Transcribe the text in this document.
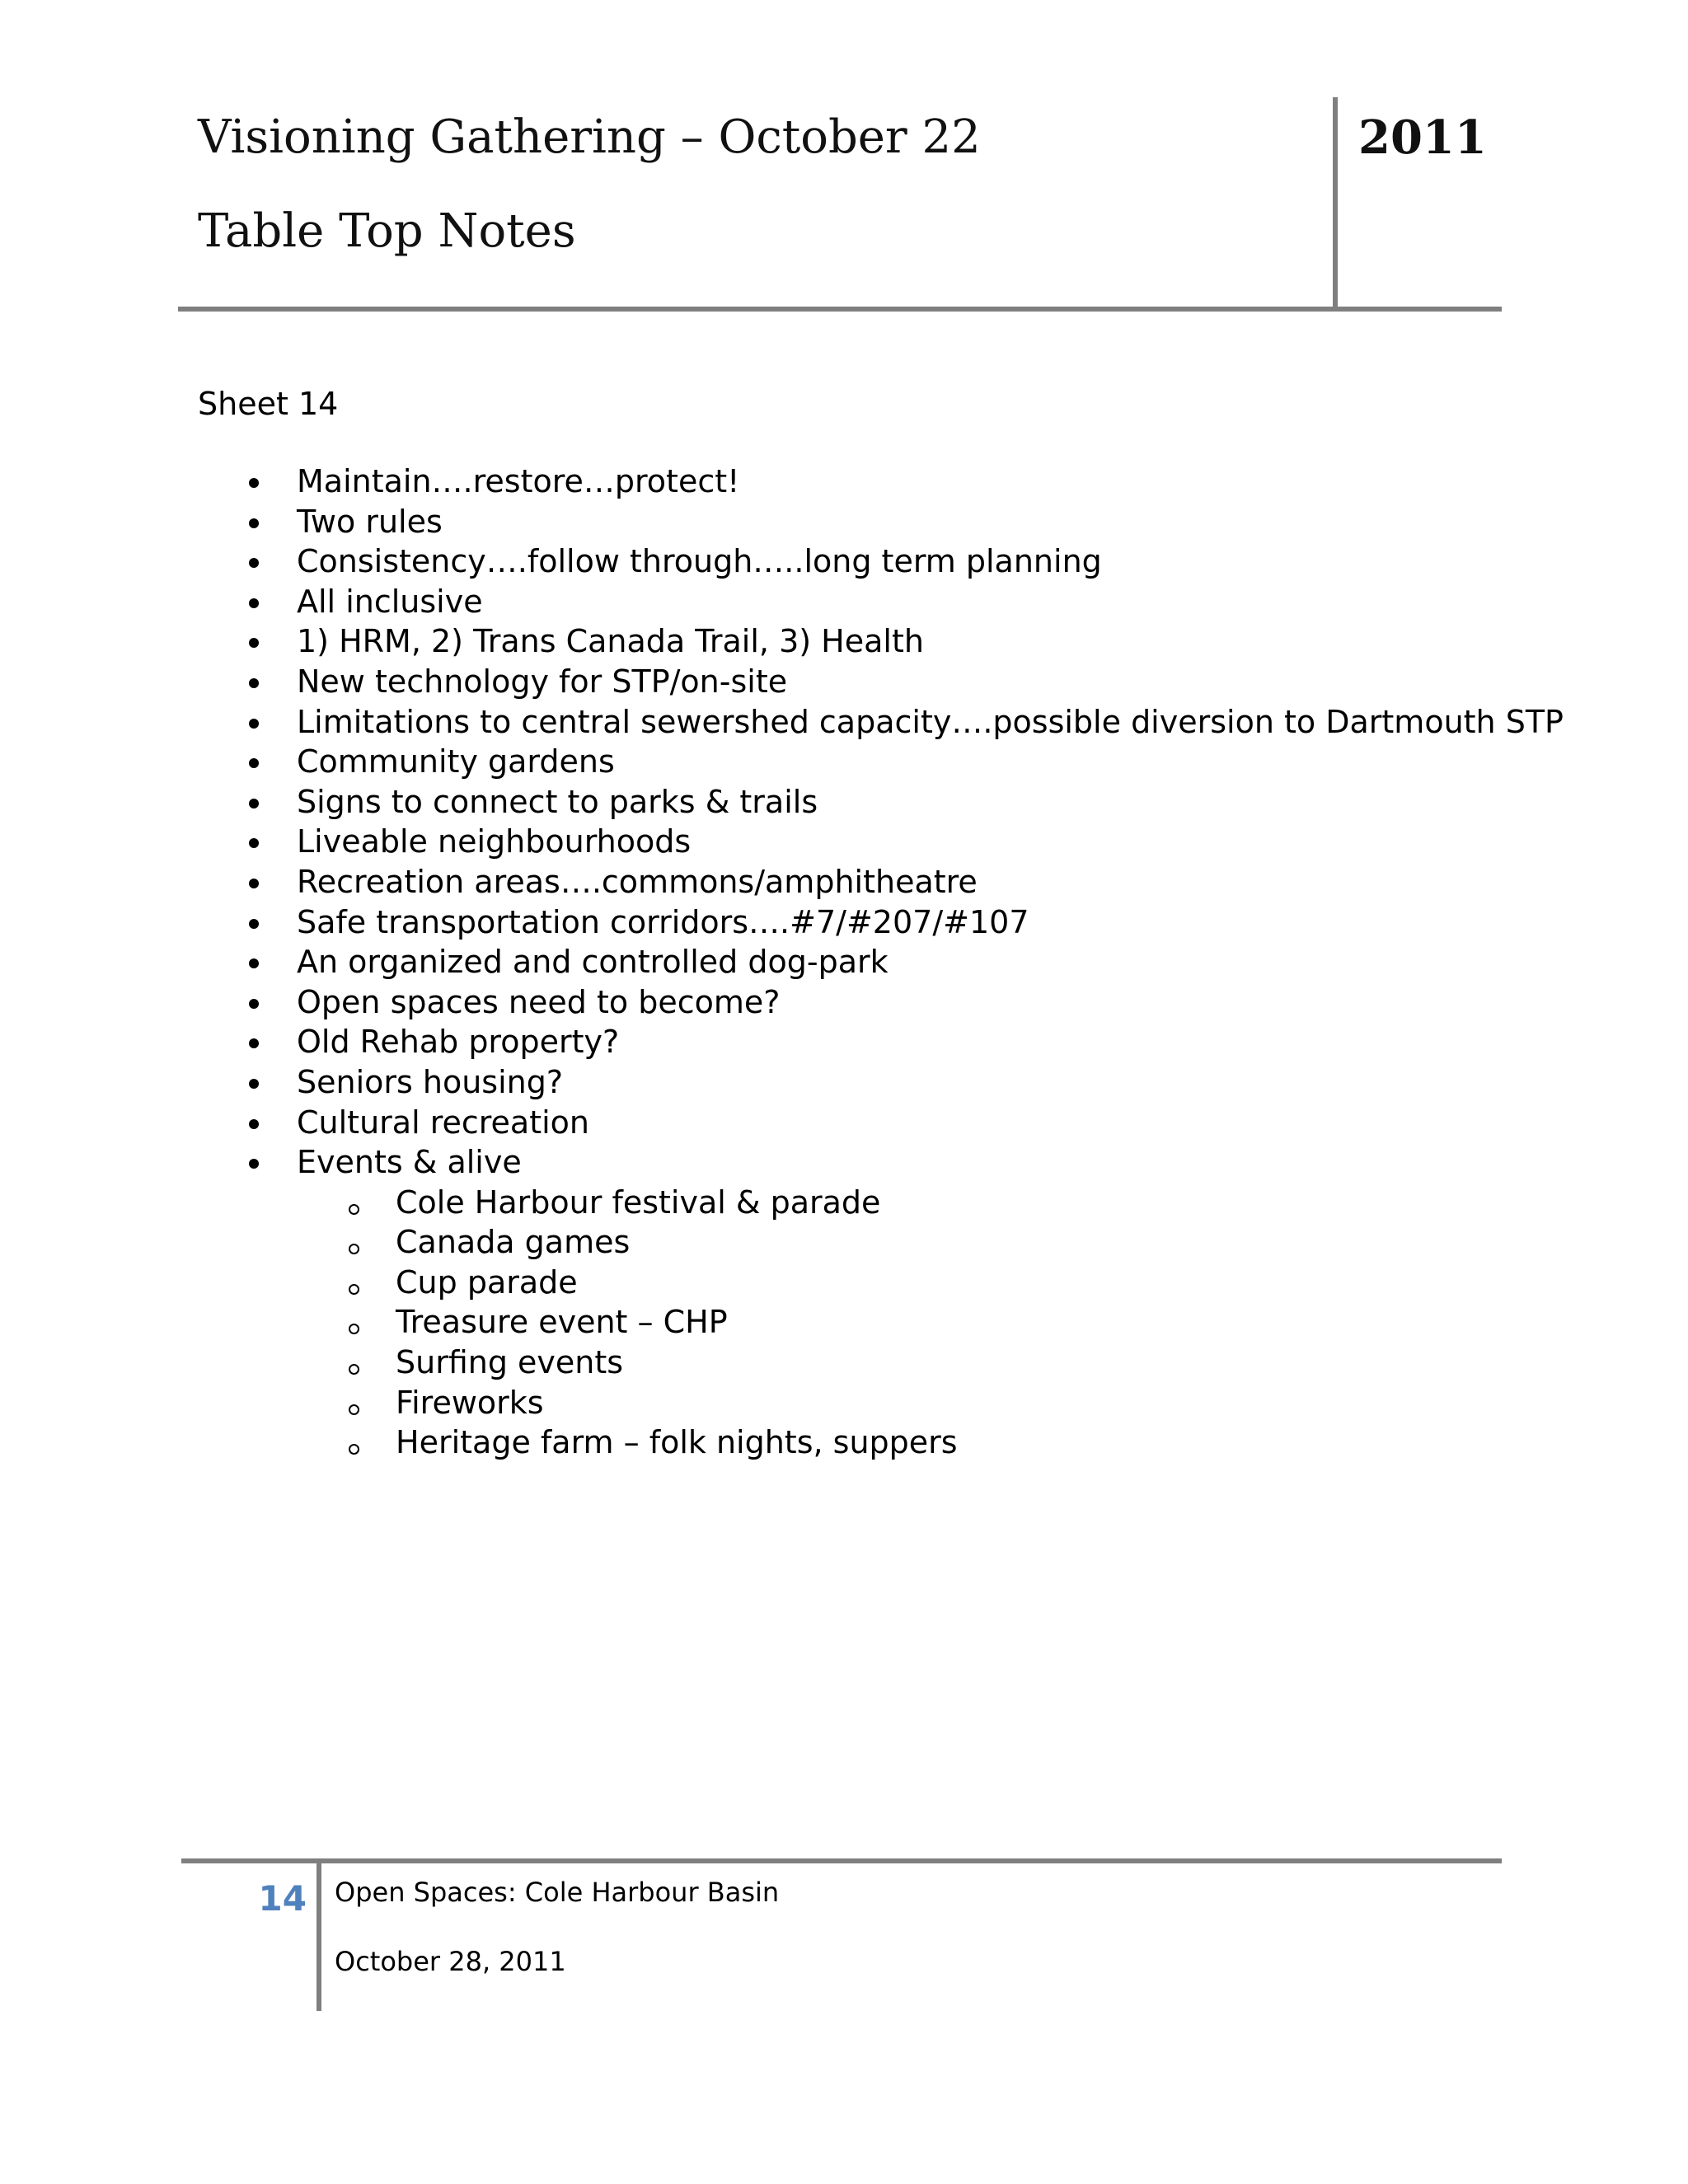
Visioning Gathering – October 22
Table Top Notes
2011
Sheet 14
Maintain….restore…protect!
Two rules
Consistency….follow through…..long term planning
All inclusive
1) HRM, 2) Trans Canada Trail, 3) Health
New technology for STP/on-site
Limitations to central sewershed capacity….possible diversion to Dartmouth STP
Community gardens
Signs to connect to parks & trails
Liveable neighbourhoods
Recreation areas….commons/amphitheatre
Safe transportation corridors….#7/#207/#107
An organized and controlled dog-park
Open spaces need to become?
Old Rehab property?
Seniors housing?
Cultural recreation
Events & alive
Cole Harbour festival & parade
Canada games
Cup parade
Treasure event – CHP
Surfing events
Fireworks
Heritage farm – folk nights, suppers
14 Open Spaces: Cole Harbour Basin
October 28, 2011
